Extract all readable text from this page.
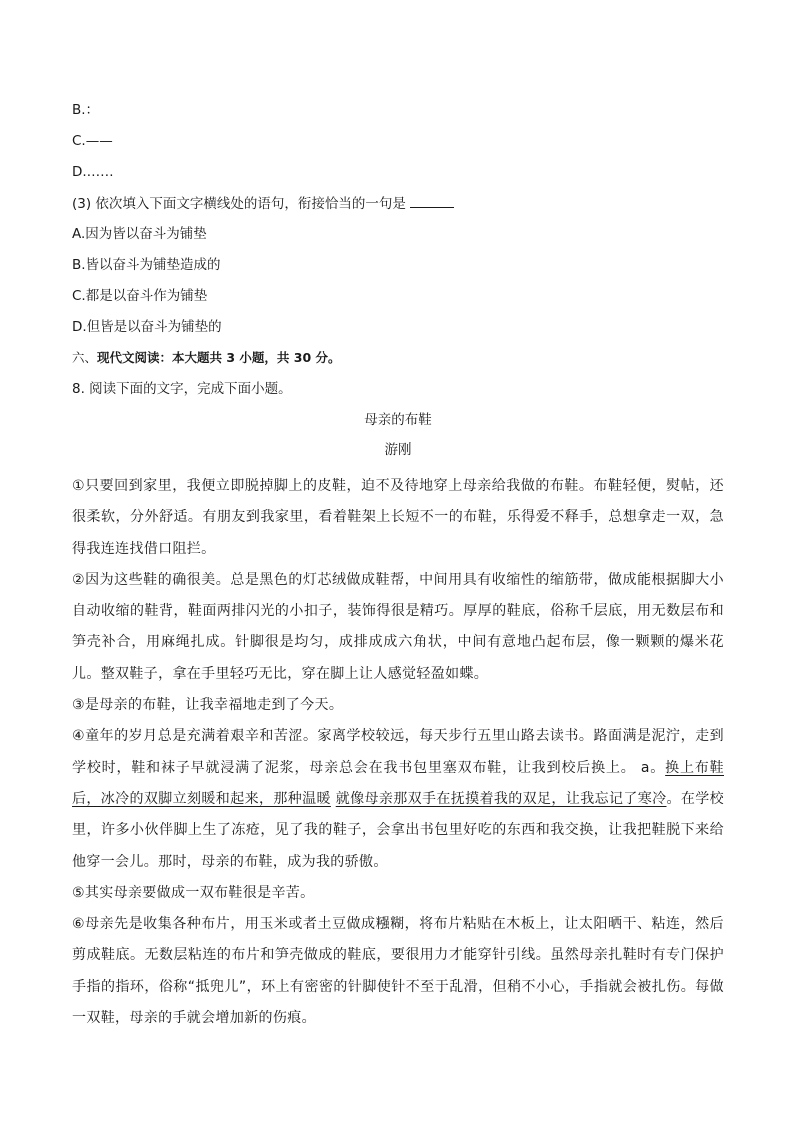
B.：
C.——
D.……
(3) 依次填入下面文字横线处的语句，衔接恰当的一句是
A.因为皆以奋斗为铺垫
B.皆以奋斗为铺垫造成的
C.都是以奋斗作为铺垫
D.但皆是以奋斗为铺垫的
六、现代文阅读：本大题共 3 小题，共 30 分。
8. 阅读下面的文字，完成下面小题。
母亲的布鞋
游刚

①只要回到家里，我便立即脱掉脚上的皮鞋，迫不及待地穿上母亲给我做的布鞋。布鞋轻便，熨帖，还很柔软，分外舒适。有朋友到我家里，看着鞋架上长短不一的布鞋，乐得爱不释手，总想拿走一双，急得我连连找借口阻拦。

②因为这些鞋的确很美。总是黑色的灯芯绒做成鞋帮，中间用具有收缩性的缩筋带，做成能根据脚大小自动收缩的鞋背，鞋面两排闪光的小扣子，装饰得很是精巧。厚厚的鞋底，俗称千层底，用无数层布和笋壳补合，用麻绳扎成。针脚很是均匀，成排成成六角状，中间有意地凸起布层，像一颗颗的爆米花儿。整双鞋子，拿在手里轻巧无比，穿在脚上让人感觉轻盈如蝶。

③是母亲的布鞋，让我幸福地走到了今天。

④童年的岁月总是充满着艰辛和苦涩。家离学校较远，每天步行五里山路去读书。路面满是泥泞，走到学校时，鞋和袜子早就浸满了泥浆，母亲总会在我书包里塞双布鞋，让我到校后换上。 a。换上布鞋后，冰冷的双脚立刻暖和起来，那种温暖 就像母亲那双手在抚摸着我的双足，让我忘记了寒冷。在学校里，许多小伙伴脚上生了冻疮，见了我的鞋子，会拿出书包里好吃的东西和我交换，让我把鞋脱下来给他穿一会儿。那时，母亲的布鞋，成为我的骄傲。

⑤其实母亲要做成一双布鞋很是辛苦。

⑥母亲先是收集各种布片，用玉米或者土豆做成糨糊，将布片粘贴在木板上，让太阳晒干、粘连，然后剪成鞋底。无数层粘连的布片和笋壳做成的鞋底，要很用力才能穿针引线。虽然母亲扎鞋时有专门保护手指的指环，俗称“抵兜儿”，环上有密密的针脚使针不至于乱滑，但稍不小心，手指就会被扎伤。每做一双鞋，母亲的手就会增加新的伤痕。
